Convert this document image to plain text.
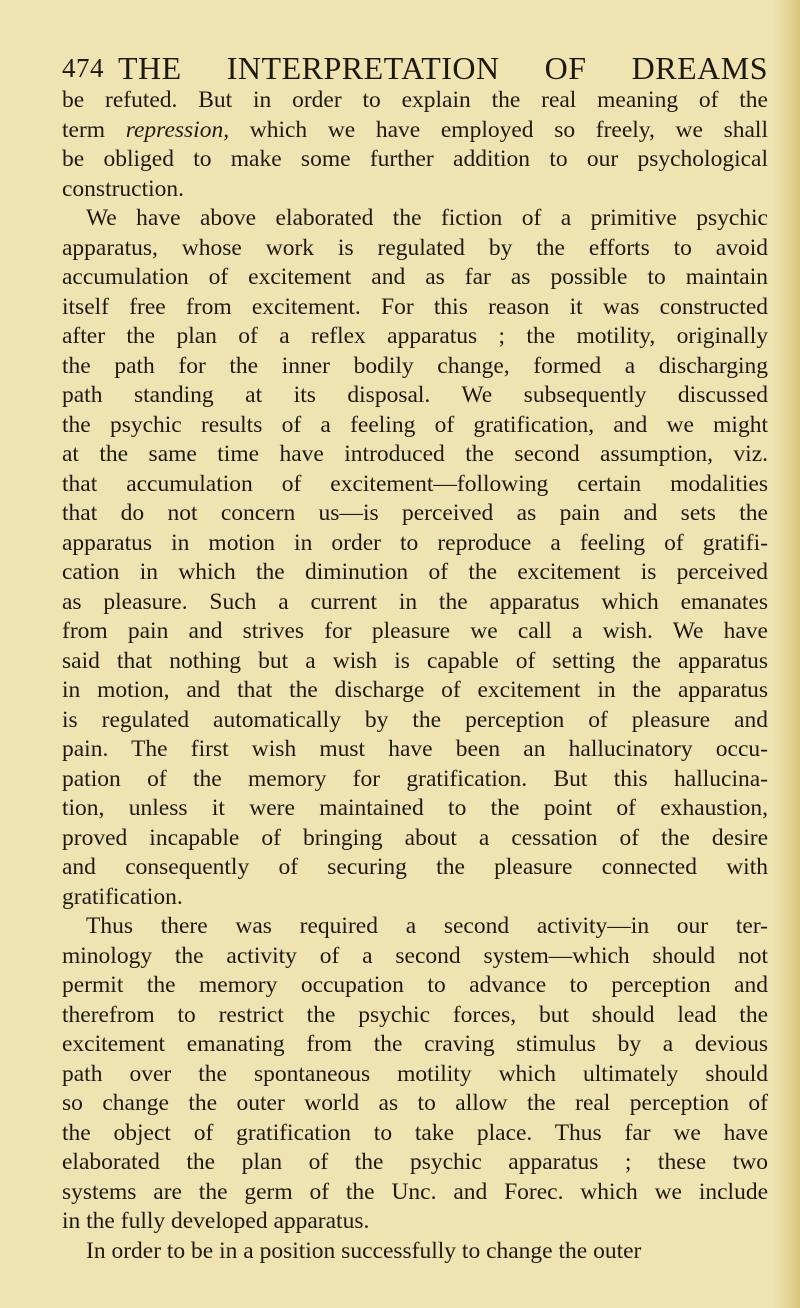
474 THE INTERPRETATION OF DREAMS
be refuted. But in order to explain the real meaning of the
term repression, which we have employed so freely, we shall
be obliged to make some further addition to our psychological
construction.
We have above elaborated the fiction of a primitive psychic
apparatus, whose work is regulated by the efforts to avoid
accumulation of excitement and as far as possible to maintain
itself free from excitement. For this reason it was constructed
after the plan of a reflex apparatus ; the motility, originally
the path for the inner bodily change, formed a discharging
path standing at its disposal. We subsequently discussed
the psychic results of a feeling of gratification, and we might
at the same time have introduced the second assumption, viz.
that accumulation of excitement—following certain modalities
that do not concern us—is perceived as pain and sets the
apparatus in motion in order to reproduce a feeling of gratifi-
cation in which the diminution of the excitement is perceived
as pleasure. Such a current in the apparatus which emanates
from pain and strives for pleasure we call a wish. We have
said that nothing but a wish is capable of setting the apparatus
in motion, and that the discharge of excitement in the apparatus
is regulated automatically by the perception of pleasure and
pain. The first wish must have been an hallucinatory occu-
pation of the memory for gratification. But this hallucina-
tion, unless it were maintained to the point of exhaustion,
proved incapable of bringing about a cessation of the desire
and consequently of securing the pleasure connected with
gratification.
Thus there was required a second activity—in our ter-
minology the activity of a second system—which should not
permit the memory occupation to advance to perception and
therefrom to restrict the psychic forces, but should lead the
excitement emanating from the craving stimulus by a devious
path over the spontaneous motility which ultimately should
so change the outer world as to allow the real perception of
the object of gratification to take place. Thus far we have
elaborated the plan of the psychic apparatus ; these two
systems are the germ of the Unc. and Forec. which we include
in the fully developed apparatus.
In order to be in a position successfully to change the outer
